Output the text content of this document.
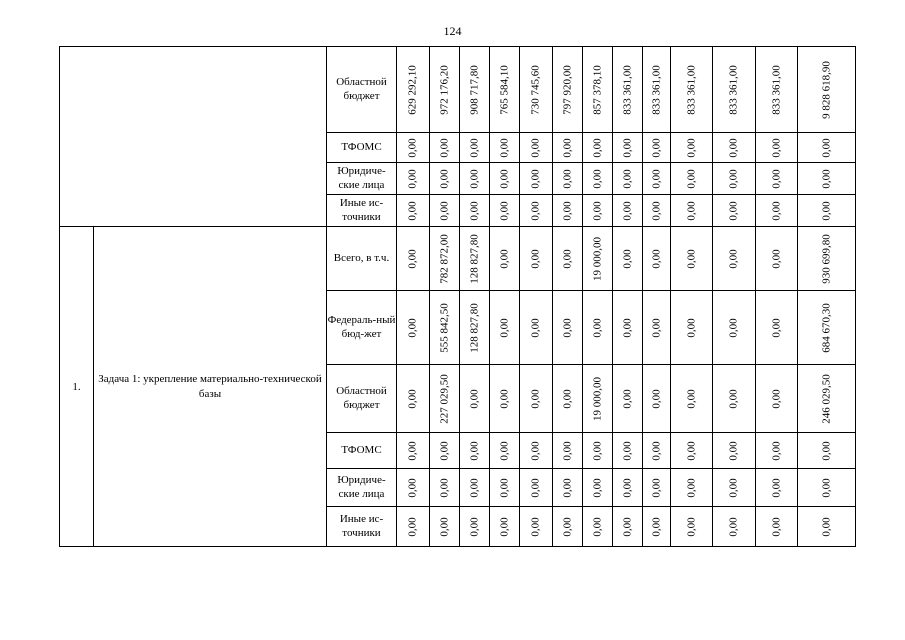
124
		Областной бюджет	629 292,10	972 176,20	908 717,80	765 584,10	730 745,60	797 920,00	857 378,10	833 361,00	833 361,00	833 361,00	833 361,00	833 361,00	9 828 618,90

		ТФОМС	0,00	0,00	0,00	0,00	0,00	0,00	0,00	0,00	0,00	0,00	0,00	0,00	0,00

		Юридиче-ские лица	0,00	0,00	0,00	0,00	0,00	0,00	0,00	0,00	0,00	0,00	0,00	0,00	0,00

		Иные ис-точники	0,00	0,00	0,00	0,00	0,00	0,00	0,00	0,00	0,00	0,00	0,00	0,00	0,00

1.	Задача 1: укрепление материально-технической базы	Всего, в т.ч.	0,00	782 872,00	128 827,80	0,00	0,00	0,00	19 000,00	0,00	0,00	0,00	0,00	0,00	930 699,80

		Федераль-ный бюд-жет	0,00	555 842,50	128 827,80	0,00	0,00	0,00	0,00	0,00	0,00	0,00	0,00	0,00	684 670,30

		Областной бюджет	0,00	227 029,50	0,00	0,00	0,00	0,00	19 000,00	0,00	0,00	0,00	0,00	0,00	246 029,50

		ТФОМС	0,00	0,00	0,00	0,00	0,00	0,00	0,00	0,00	0,00	0,00	0,00	0,00	0,00

		Юридиче-ские лица	0,00	0,00	0,00	0,00	0,00	0,00	0,00	0,00	0,00	0,00	0,00	0,00	0,00

		Иные ис-точники	0,00	0,00	0,00	0,00	0,00	0,00	0,00	0,00	0,00	0,00	0,00	0,00	0,00
